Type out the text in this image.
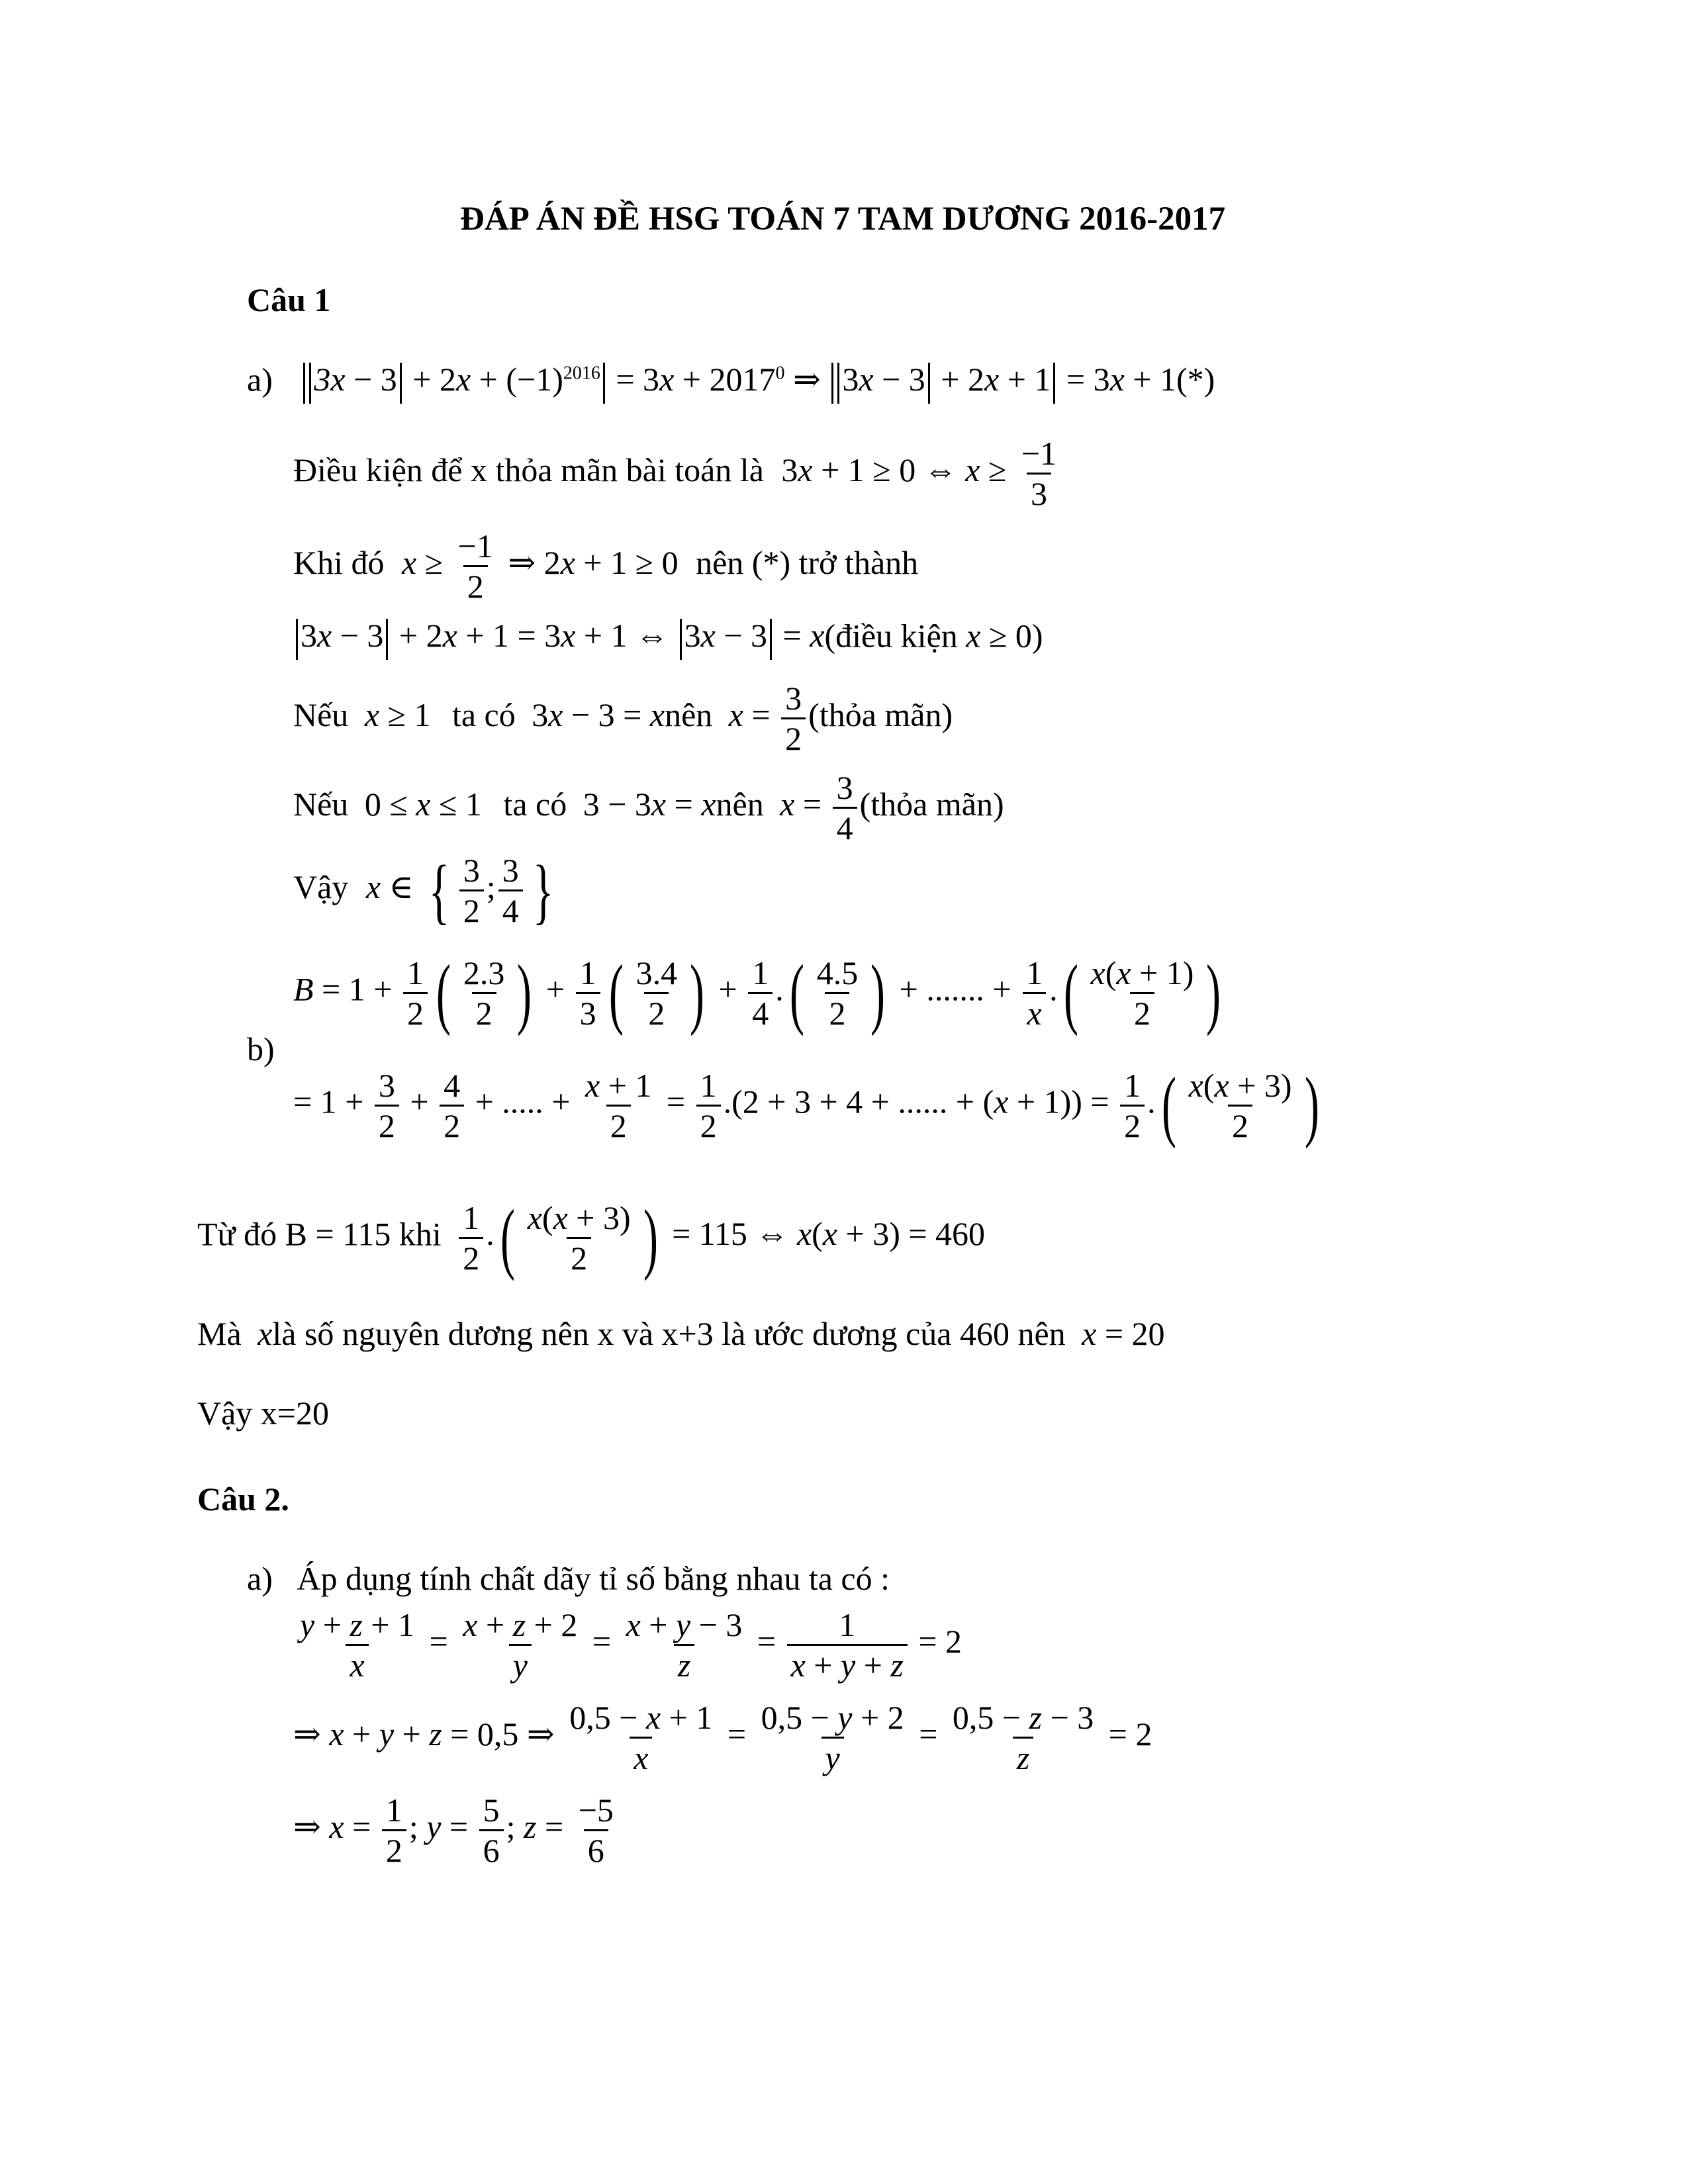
ĐÁP ÁN ĐỀ HSG TOÁN 7 TAM DƯƠNG 2016-2017
Câu 1
a) $3x - 3 + 2x + (-1)^{2016} = 3x + 2017^0$ ⇒ 3x − 3 + 2x + 1 = 3x + 1(*)
Điều kiện để x thỏa mãn bài toán là 3x + 1 ≥ 0 ⇔ $x \ge \frac{-1}{3}$
Khi đó $x \ge \frac{-1}{2}$ ⇒ 2x + 1 ≥ 0 nên (*) trở thành
3x − 3 + 2x + 1 = 3x + 1 ⇔ 3x − 3 = x(điều kiện x ≥ 0)
Nếu x ≥ 1 ta có 3x − 3 = xnên $x = \frac{3}{2}$ (thỏa mãn)
Nếu 0 ≤ x ≤ 1 ta có 3 − 3x = xnên $x = \frac{3}{4}$ (thỏa mãn)
Vậy x ∈ { $\frac{3}{2}$ ; $\frac{3}{4}$ }
b)
$B = 1 + \frac{1}{2}$ ( $\frac{2.3}{2}$ ) + $\frac{1}{3}$ ( $\frac{3.4}{2}$ ) + $\frac{1}{4}$ .( $\frac{4.5}{2}$ ) + ....... + $\frac{1}{x}$ .( $\frac{x(x + 1)}{2}$ )
= $1 + \frac{3}{2} + \frac{4}{2}$ + ..... + $\frac{x + 1}{2} = \frac{1}{2} .(2 + 3 + 4$ + ...... + $(x + 1)) = \frac{1}{2}$ .( $\frac{x(x + 3)}{2}$ )
Từ đó B = 115 khi $\frac{1}{2}$ .( $\frac{x(x + 3)}{2}$ ) = 115 ⇔ x(x + 3) = 460
Mà xlà số nguyên dương nên x và x+3 là ước dương của 460 nên x = 20
Vậy x=20
Câu 2.
a) Áp dụng tính chất dãy tỉ số bằng nhau ta có :
$\frac{y + z + 1}{x} = \frac{x + z + 2}{y} = \frac{x + y - 3}{z} = \frac{1}{x + y + z} = 2$
⇒ x + y + z = 0,5 ⇒ $\frac{0,5 - x + 1}{x} = \frac{0,5 - y + 2}{y} = \frac{0,5 - z - 3}{z} = 2$
⇒ $x = \frac{1}{2}$ ; $y = \frac{5}{6}$ ; $z = \frac{-5}{6}$
